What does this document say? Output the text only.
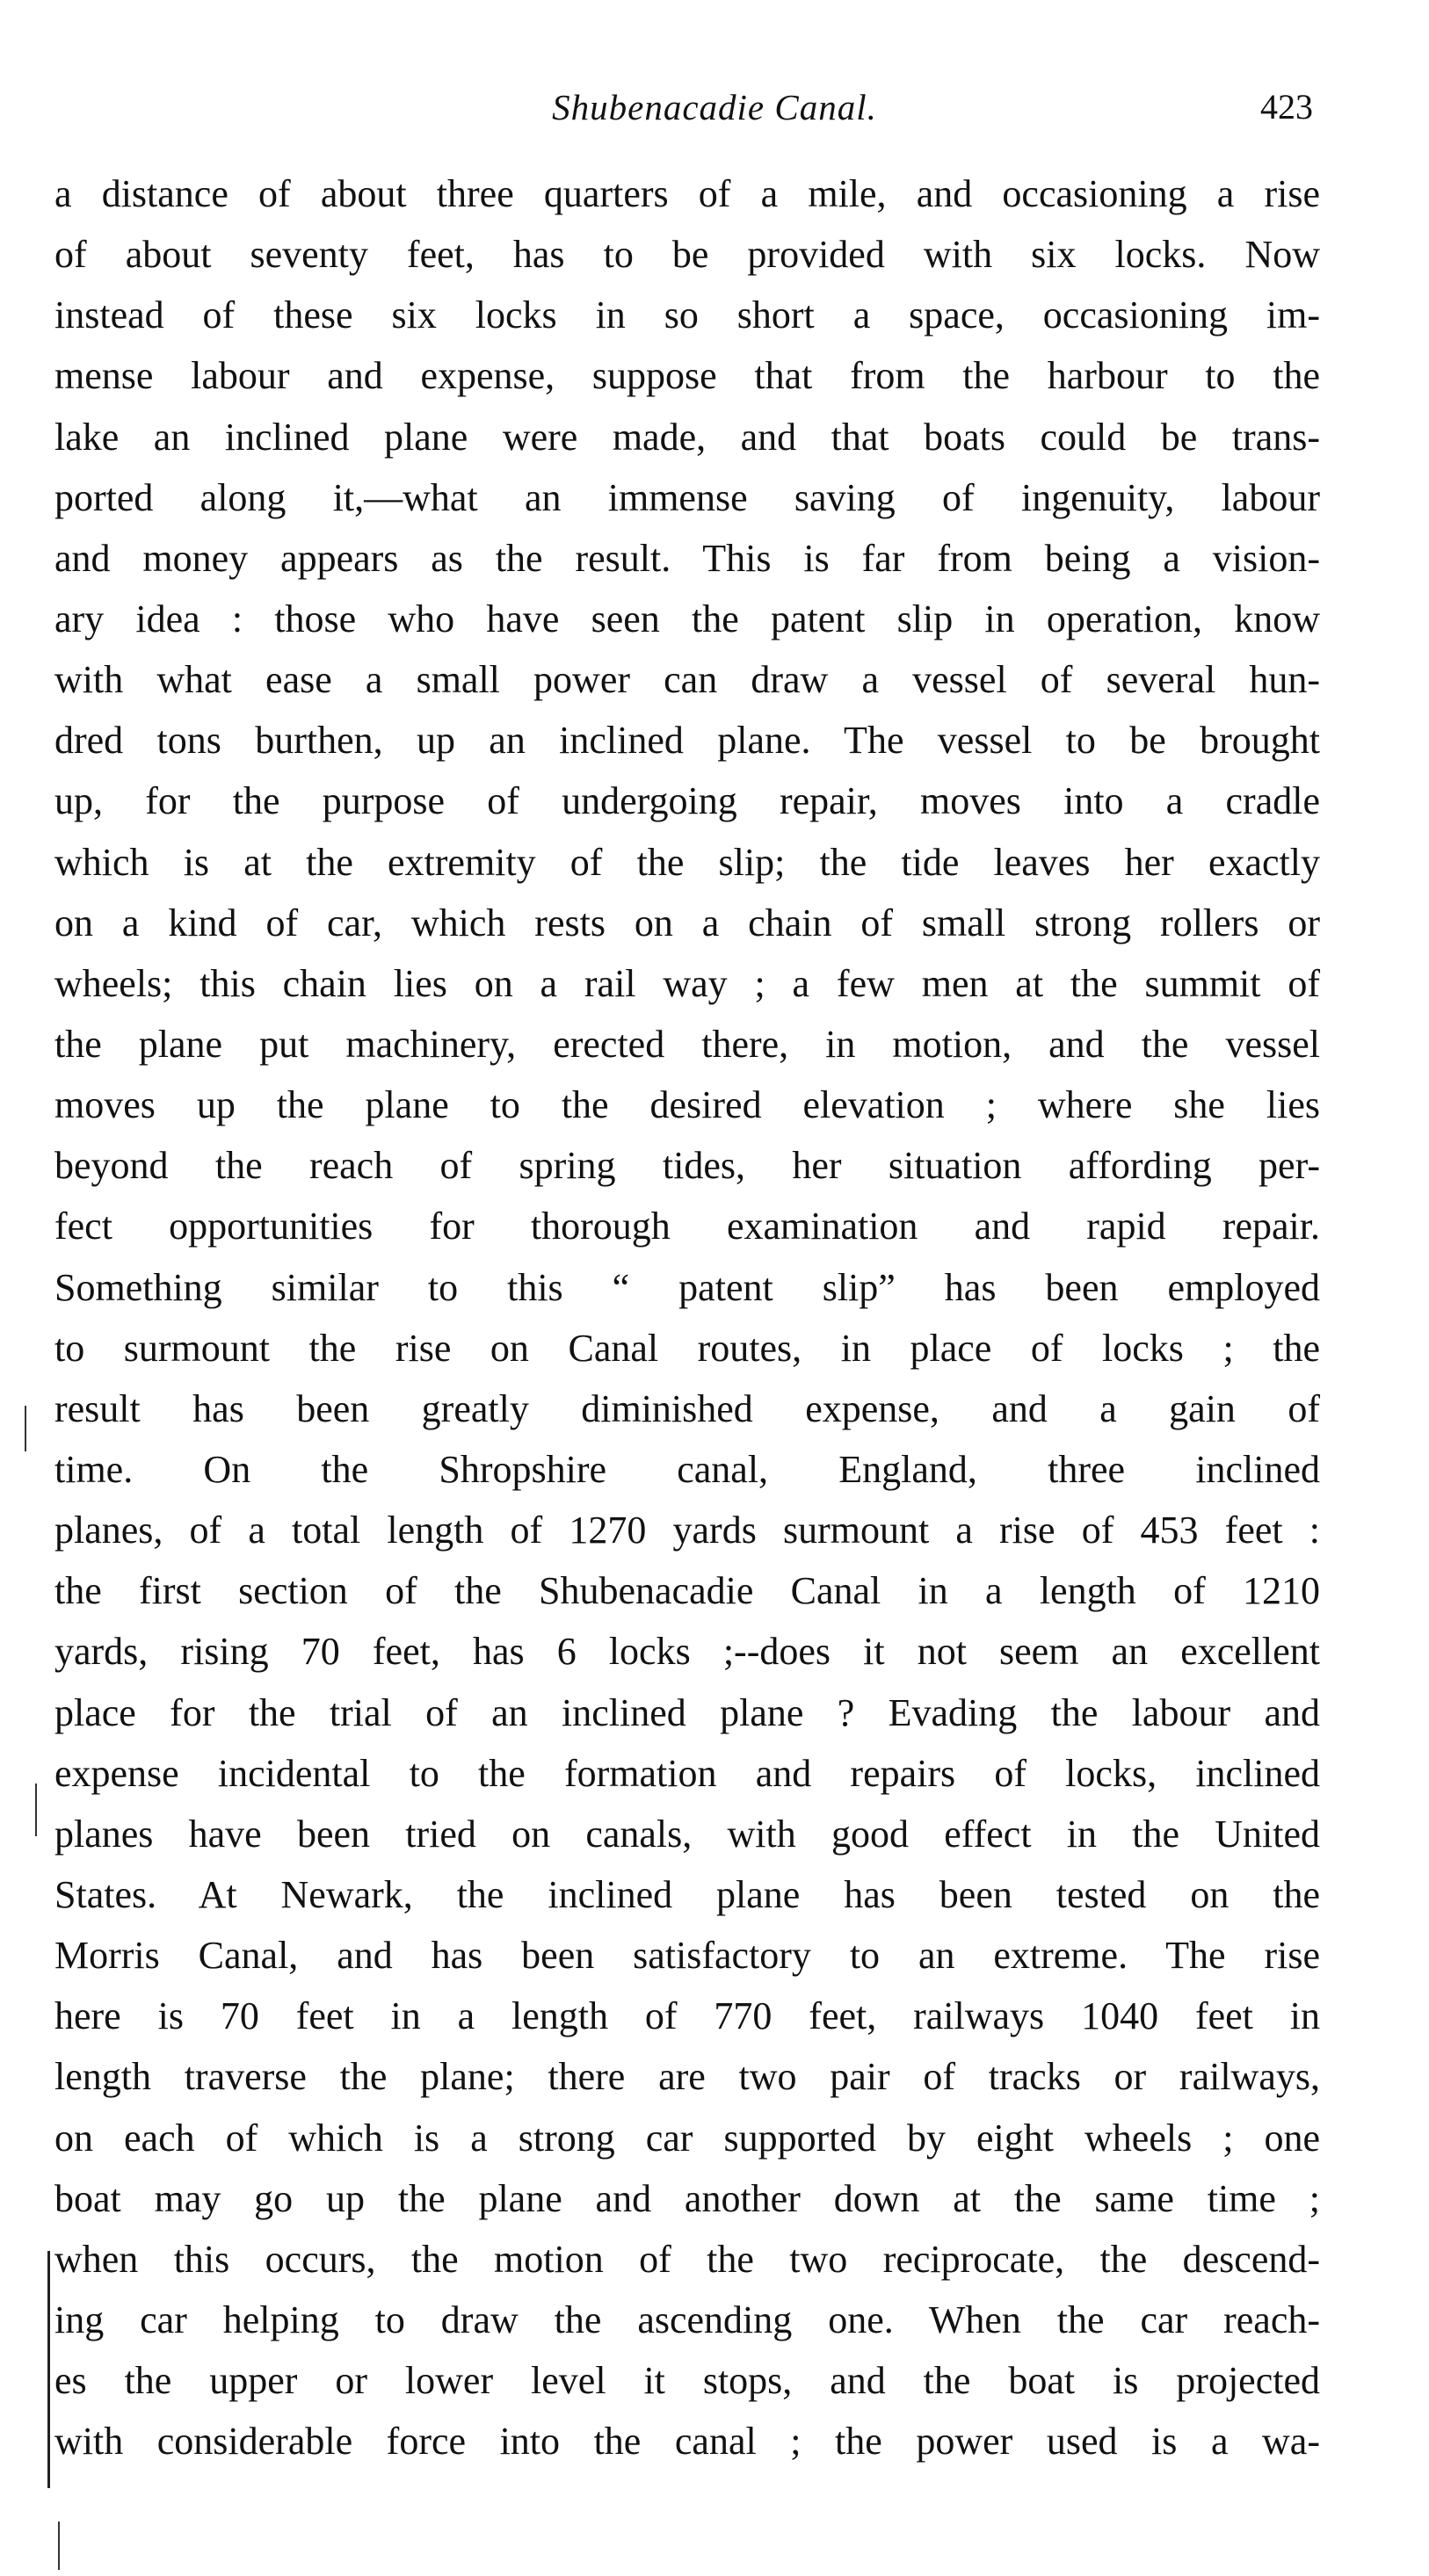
Shubenacadie Canal.	423
a distance of about three quarters of a mile, and occasioning a rise
of about seventy feet, has to be provided with six locks. Now
instead of these six locks in so short a space, occasioning im-
mense labour and expense, suppose that from the harbour to the
lake an inclined plane were made, and that boats could be trans-
ported along it,—what an immense saving of ingenuity, labour
and money appears as the result. This is far from being a vision-
ary idea : those who have seen the patent slip in operation, know
with what ease a small power can draw a vessel of several hun-
dred tons burthen, up an inclined plane. The vessel to be brought
up, for the purpose of undergoing repair, moves into a cradle
which is at the extremity of the slip; the tide leaves her exactly
on a kind of car, which rests on a chain of small strong rollers or
wheels; this chain lies on a rail way ; a few men at the summit of
the plane put machinery, erected there, in motion, and the vessel
moves up the plane to the desired elevation ; where she lies
beyond the reach of spring tides, her situation affording per-
fect opportunities for thorough examination and rapid repair.
Something similar to this “ patent slip” has been employed
to surmount the rise on Canal routes, in place of locks ; the
result has been greatly diminished expense, and a gain of
time. On the Shropshire canal, England, three inclined
planes, of a total length of 1270 yards surmount a rise of 453 feet :
the first section of the Shubenacadie Canal in a length of 1210
yards, rising 70 feet, has 6 locks ;--does it not seem an excellent
place for the trial of an inclined plane ? Evading the labour and
expense incidental to the formation and repairs of locks, inclined
planes have been tried on canals, with good effect in the United
States. At Newark, the inclined plane has been tested on the
Morris Canal, and has been satisfactory to an extreme. The rise
here is 70 feet in a length of 770 feet, railways 1040 feet in
length traverse the plane; there are two pair of tracks or railways,
on each of which is a strong car supported by eight wheels ; one
boat may go up the plane and another down at the same time ;
when this occurs, the motion of the two reciprocate, the descend-
ing car helping to draw the ascending one. When the car reach-
es the upper or lower level it stops, and the boat is projected
with considerable force into the canal ; the power used is a wa-
